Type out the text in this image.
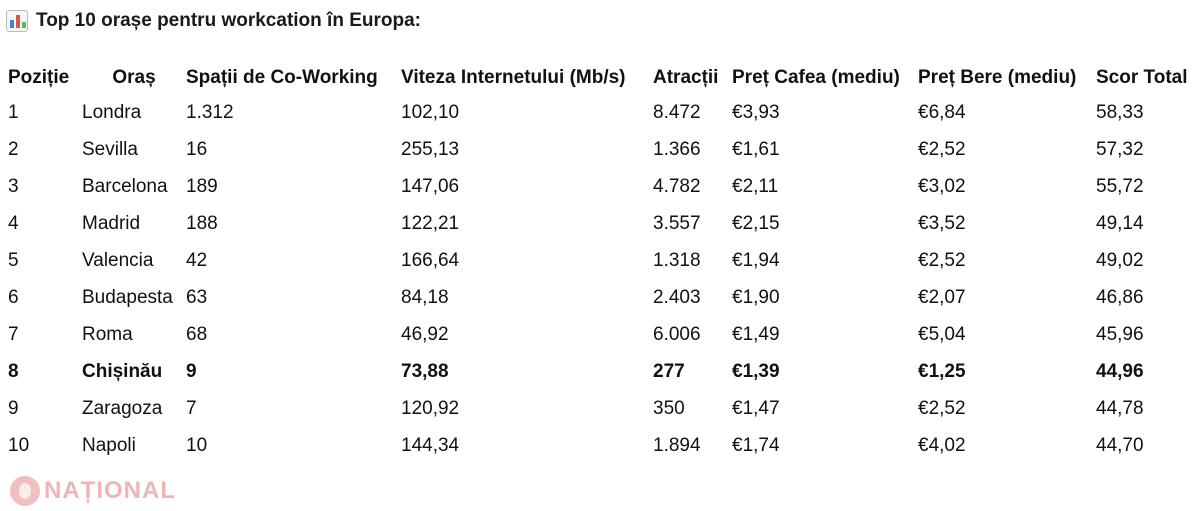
Top 10 orașe pentru workcation în Europa:
Poziție	Oraș	Spații de Co-Working	Viteza Internetului (Mb/s)	Atracții	Preț Cafea (mediu)	Preț Bere (mediu)	Scor Total
1	Londra	1.312	102,10	8.472	€3,93	€6,84	58,33
2	Sevilla	16	255,13	1.366	€1,61	€2,52	57,32
3	Barcelona	189	147,06	4.782	€2,11	€3,02	55,72
4	Madrid	188	122,21	3.557	€2,15	€3,52	49,14
5	Valencia	42	166,64	1.318	€1,94	€2,52	49,02
6	Budapesta	63	84,18	2.403	€1,90	€2,07	46,86
7	Roma	68	46,92	6.006	€1,49	€5,04	45,96
8	Chișinău	9	73,88	277	€1,39	€1,25	44,96
9	Zaragoza	7	120,92	350	€1,47	€2,52	44,78
10	Napoli	10	144,34	1.894	€1,74	€4,02	44,70
NAȚIONAL
